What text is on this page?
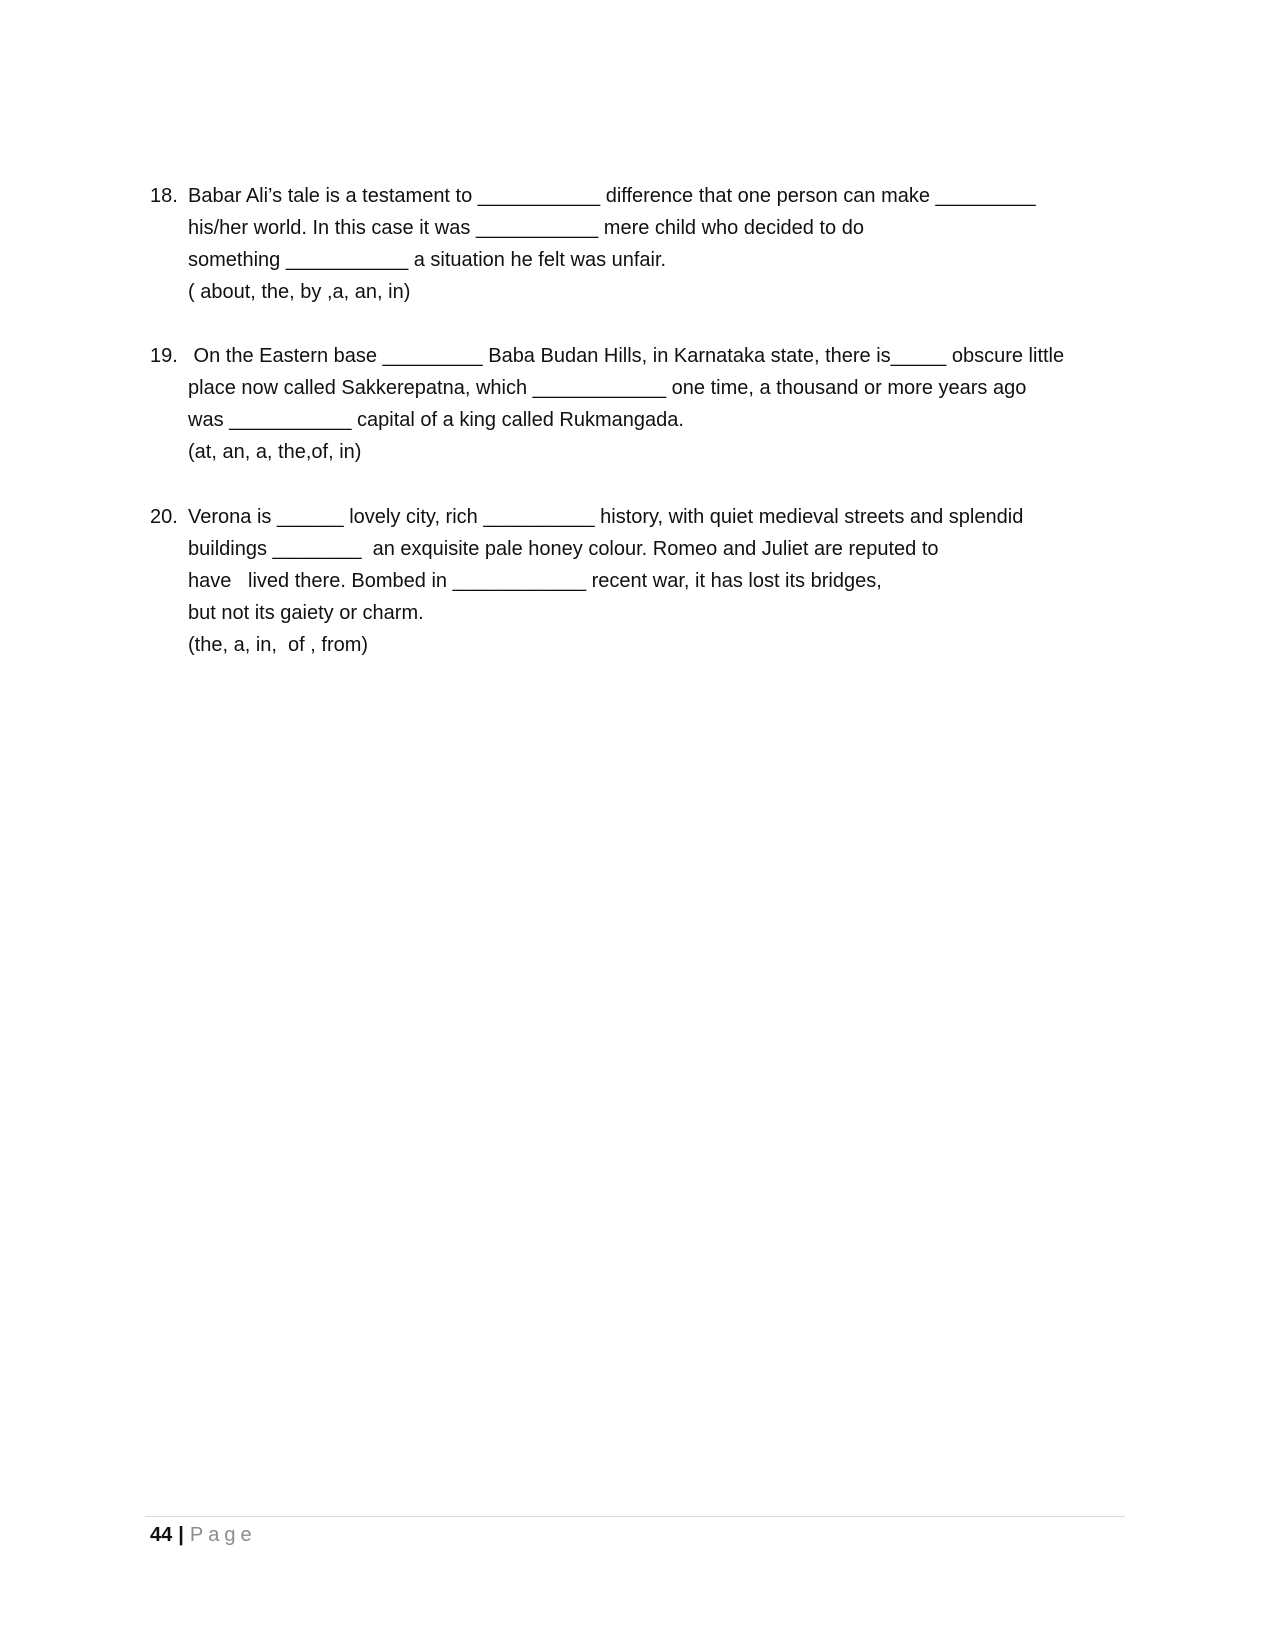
18. Babar Ali’s tale is a testament to ___________ difference that one person can make _________
his/her world. In this case it was ___________ mere child who decided to do
something ___________ a situation he felt was unfair.
( about, the, by ,a, an, in)
19. On the Eastern base _________ Baba Budan Hills, in Karnataka state, there is_____ obscure little
place now called Sakkerepatna, which ____________ one time, a thousand or more years ago
was ___________ capital of a king called Rukmangada.
(at, an, a, the,of, in)
20. Verona is ______ lovely city, rich __________ history, with quiet medieval streets and splendid
buildings ________  an exquisite pale honey colour. Romeo and Juliet are reputed to
have   lived there. Bombed in ____________ recent war, it has lost its bridges,
but not its gaiety or charm.
(the, a, in,  of , from)
44 | Page
